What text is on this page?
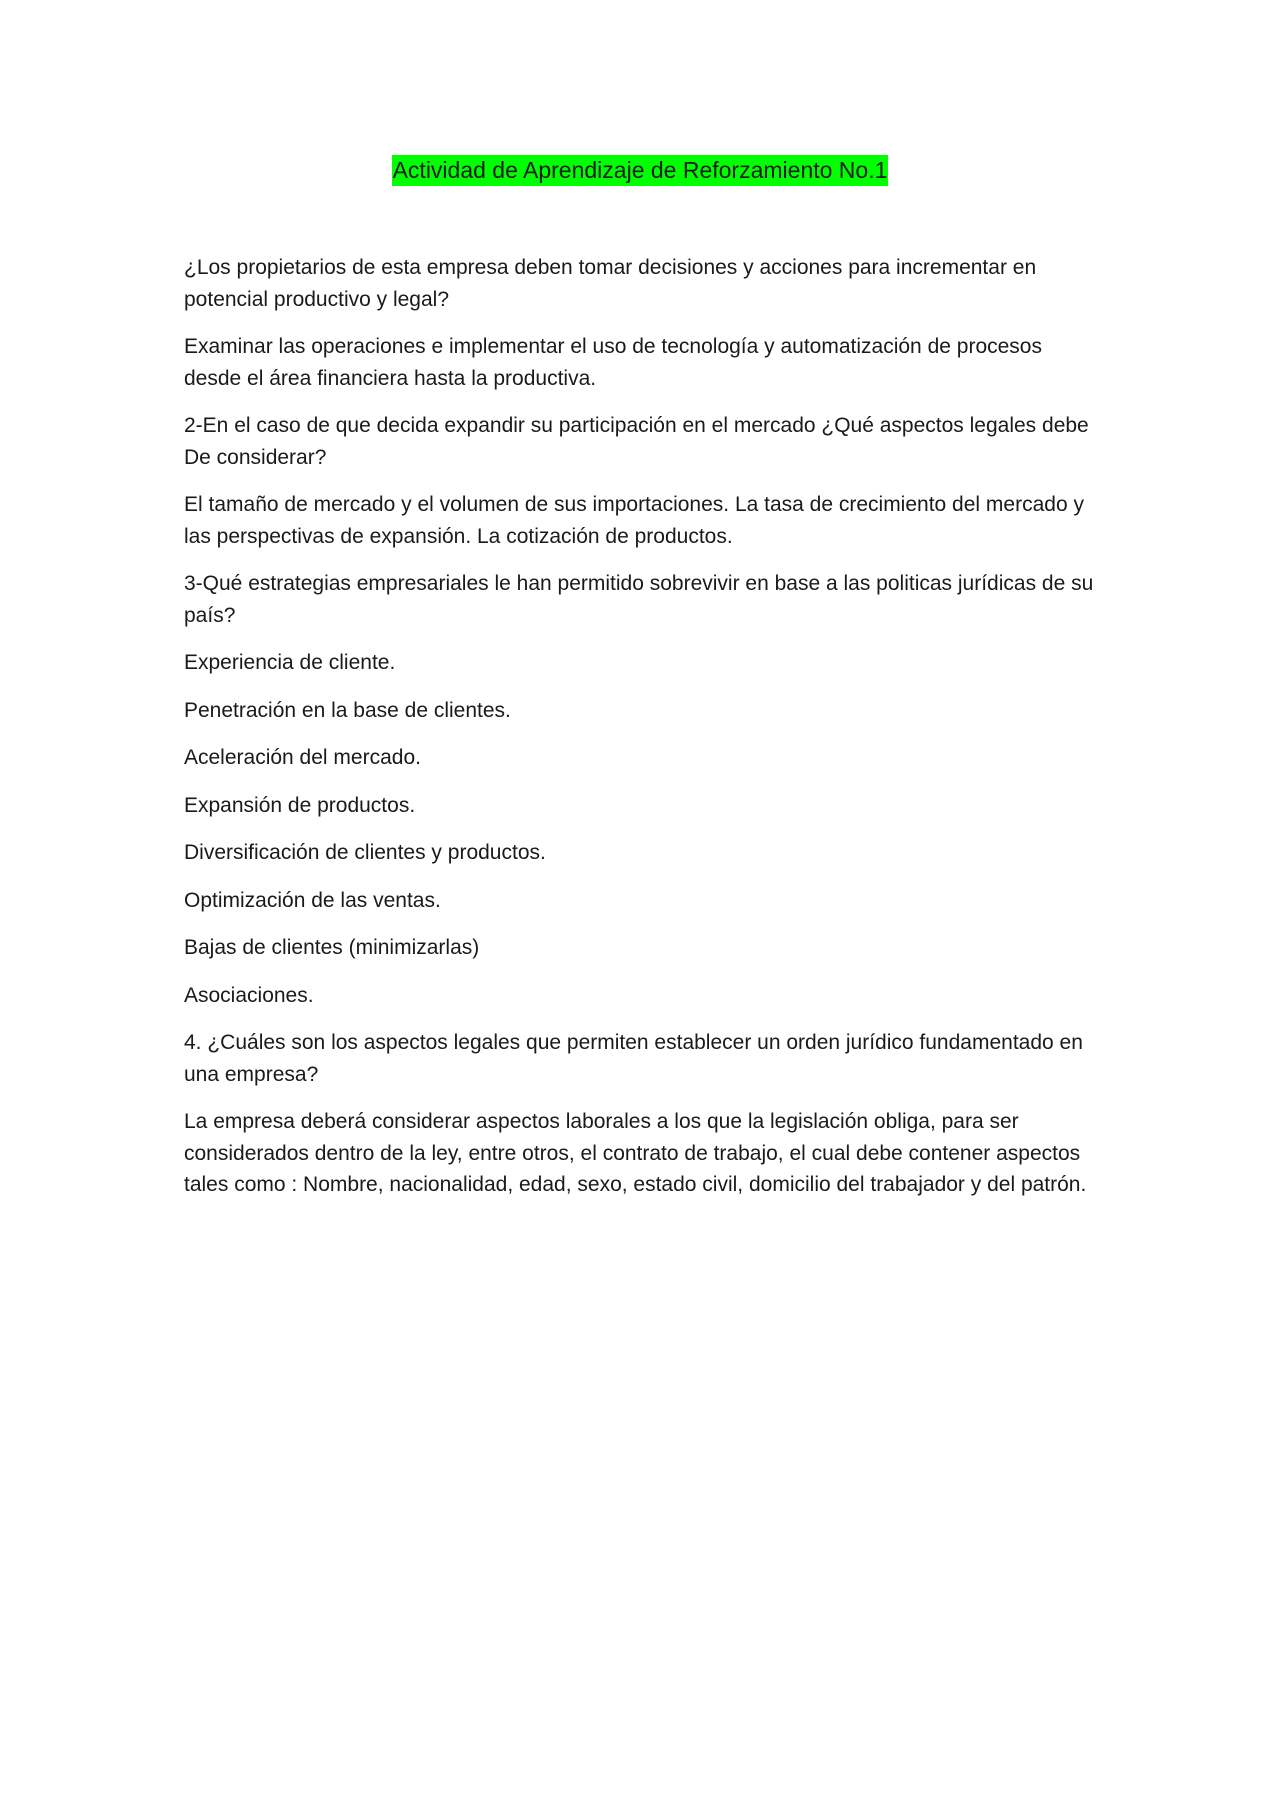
Actividad de Aprendizaje de Reforzamiento No.1

¿Los propietarios de esta empresa deben tomar decisiones y acciones para incrementar en potencial productivo y legal?

Examinar las operaciones e implementar el uso de tecnología y automatización de procesos desde el área financiera hasta la productiva.

2-En el caso de que decida expandir su participación en el mercado ¿Qué aspectos legales debe De considerar?

El tamaño de mercado y el volumen de sus importaciones. La tasa de crecimiento del mercado y las perspectivas de expansión. La cotización de productos.

3-Qué estrategias empresariales le han permitido sobrevivir en base a las politicas jurídicas de su país?

Experiencia de cliente.

Penetración en la base de clientes.

Aceleración del mercado.

Expansión de productos.

Diversificación de clientes y productos.

Optimización de las ventas.

Bajas de clientes (minimizarlas)

Asociaciones.

4. ¿Cuáles son los aspectos legales que permiten establecer un orden jurídico fundamentado en una empresa?

La empresa deberá considerar aspectos laborales a los que la legislación obliga, para ser considerados dentro de la ley, entre otros, el contrato de trabajo, el cual debe contener aspectos tales como : Nombre, nacionalidad, edad, sexo, estado civil, domicilio del trabajador y del patrón.
